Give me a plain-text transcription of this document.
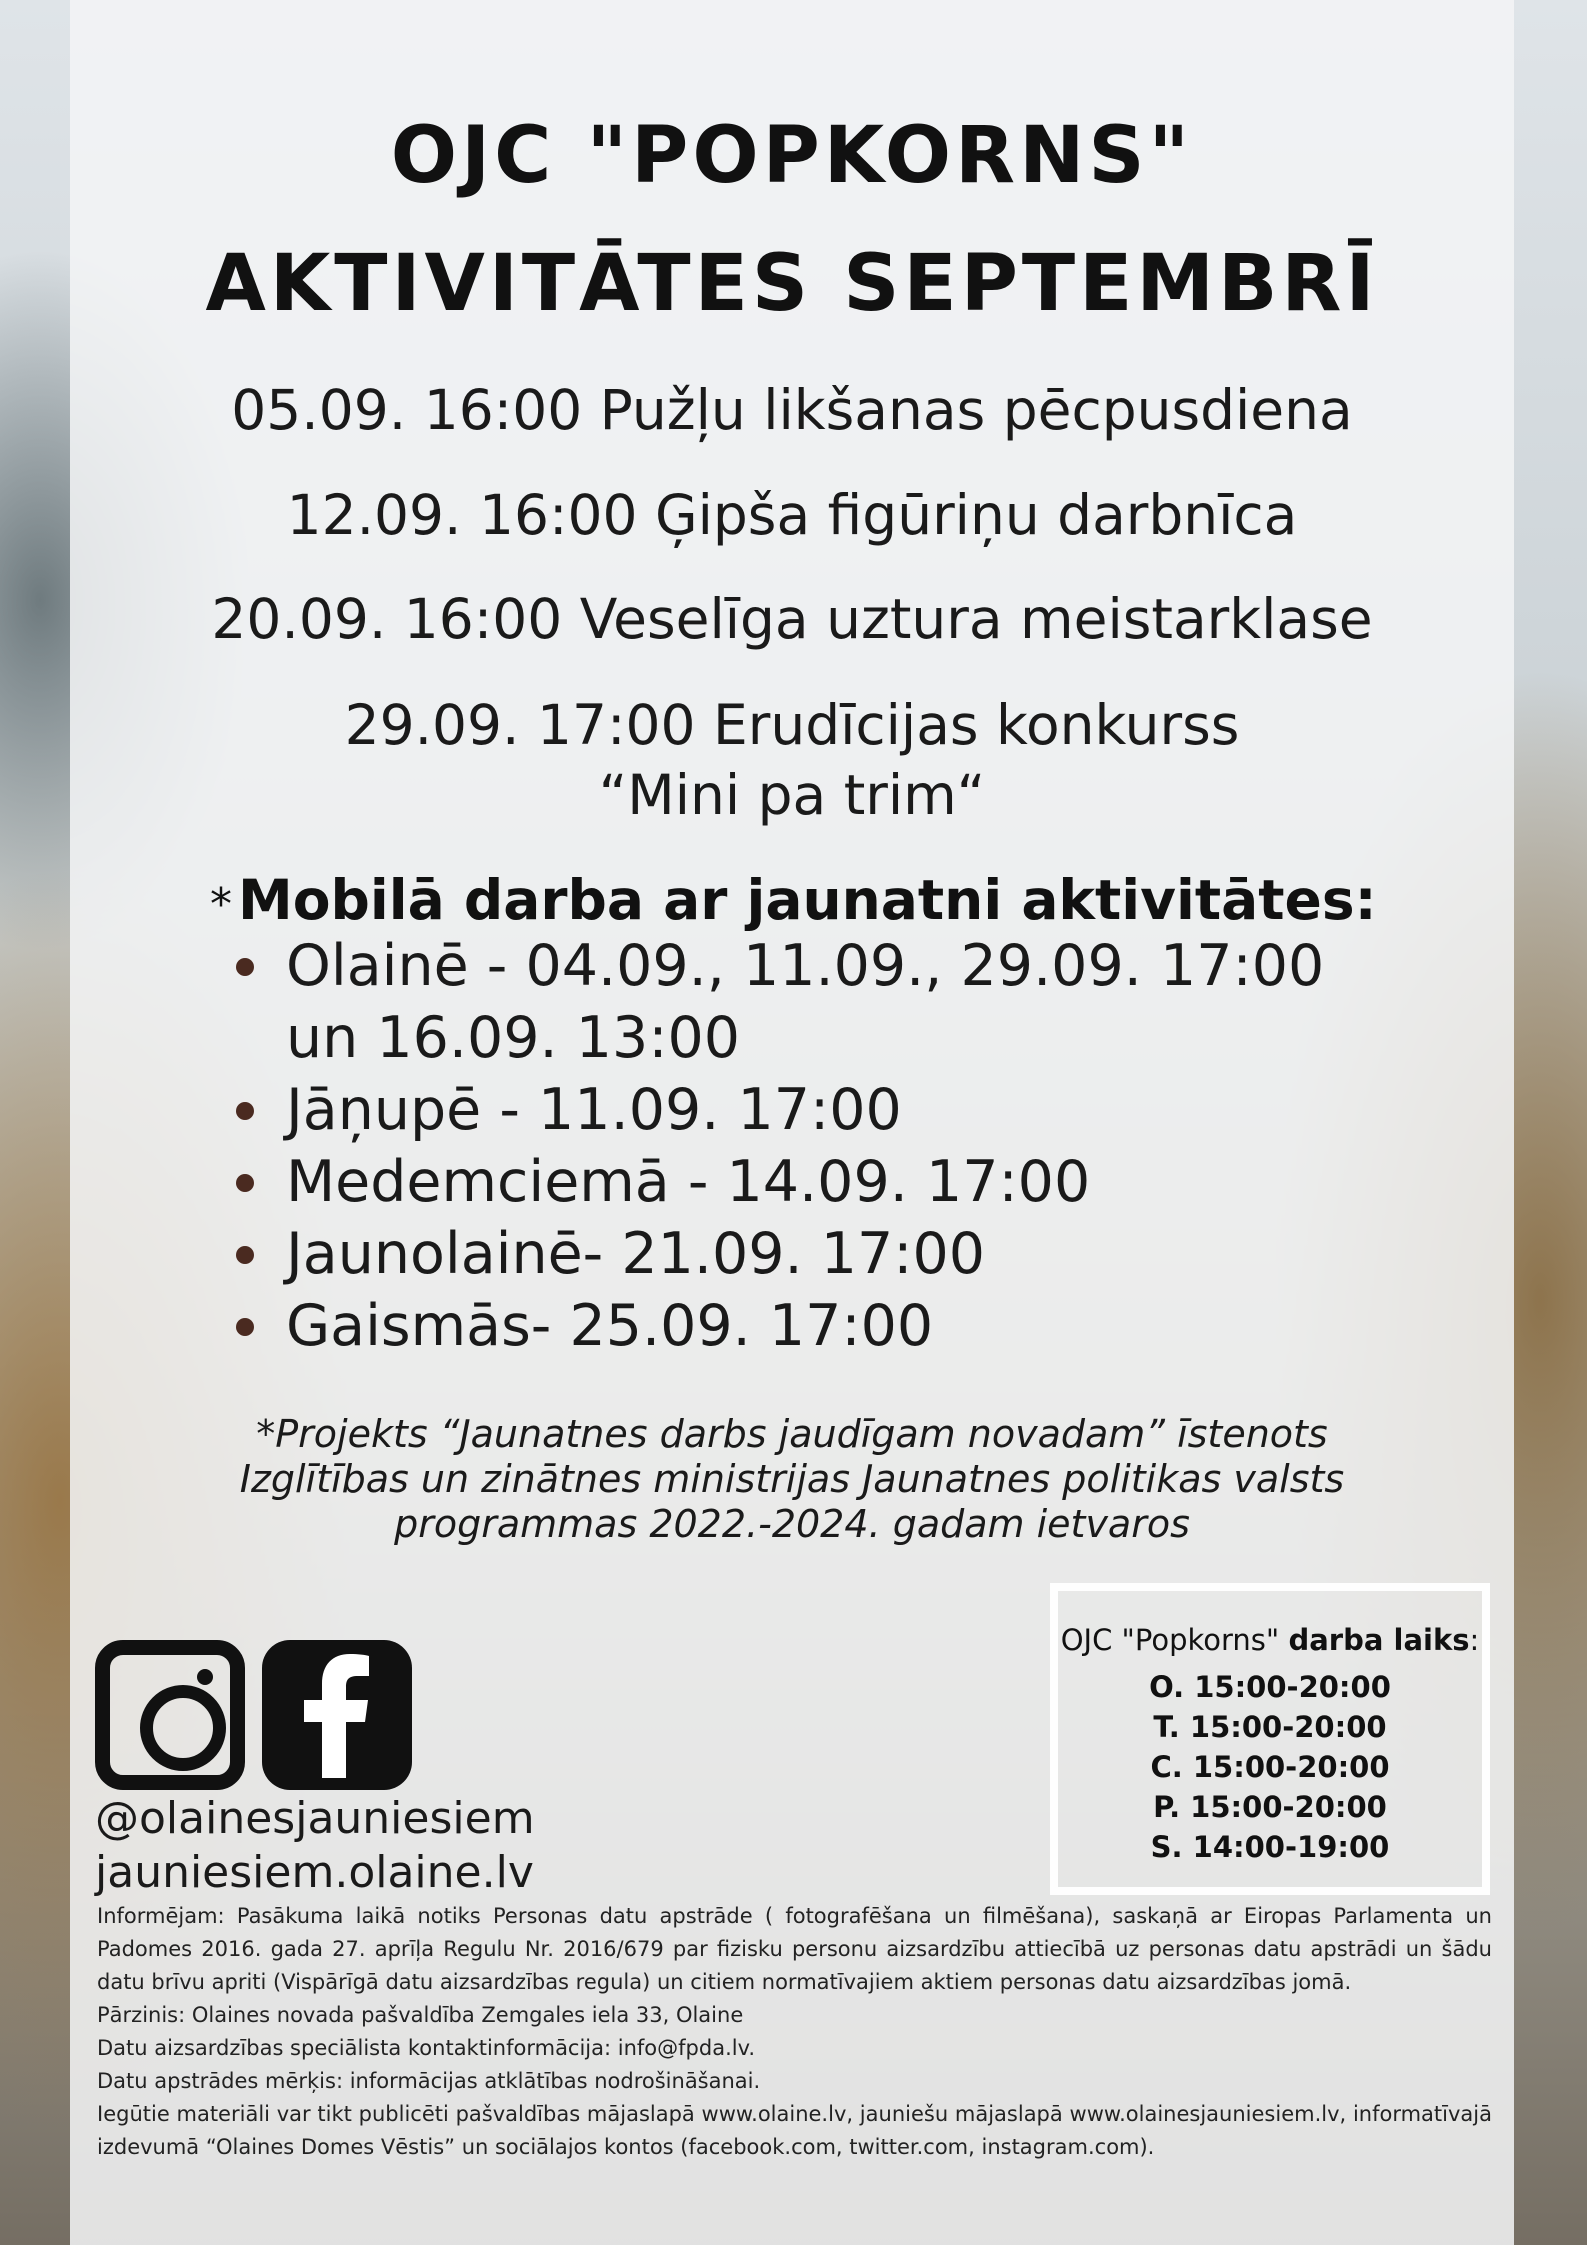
OJC "POPKORNS"
AKTIVITĀTES SEPTEMBRĪ
05.09. 16:00 Pužļu likšanas pēcpusdiena
12.09. 16:00 Ģipša figūriņu darbnīca
20.09. 16:00 Veselīga uztura meistarklase
29.09. 17:00 Erudīcijas konkurss
“Mini pa trim“
* Mobilā darba ar jaunatni aktivitātes:
Olainē - 04.09., 11.09., 29.09. 17:00
un 16.09. 13:00
Jāņupē - 11.09. 17:00
Medemciemā - 14.09. 17:00
Jaunolainē- 21.09. 17:00
Gaismās- 25.09. 17:00
*Projekts “Jaunatnes darbs jaudīgam novadam” īstenots
Izglītības un zinātnes ministrijas Jaunatnes politikas valsts
programmas 2022.-2024. gadam ietvaros
@olainesjauniesiem
jauniesiem.olaine.lv
OJC "Popkorns" darba laiks:
O. 15:00-20:00
T. 15:00-20:00
C. 15:00-20:00
P. 15:00-20:00
S. 14:00-19:00

Informējam: Pasākuma laikā notiks Personas datu apstrāde ( fotografēšana un filmēšana), saskaņā ar Eiropas Parlamenta un Padomes 2016. gada 27. aprīļa Regulu Nr. 2016/679 par fizisku personu aizsardzību attiecībā uz personas datu apstrādi un šādu datu brīvu apriti (Vispārīgā datu aizsardzības regula) un citiem normatīvajiem aktiem personas datu aizsardzības jomā.

Pārzinis: Olaines novada pašvaldība Zemgales iela 33, Olaine

Datu aizsardzības speciālista kontaktinformācija: info@fpda.lv.

Datu apstrādes mērķis: informācijas atklātības nodrošināšanai.

Iegūtie materiāli var tikt publicēti pašvaldības mājaslapā www.olaine.lv, jauniešu mājaslapā www.olainesjauniesiem.lv, informatīvajā izdevumā “Olaines Domes Vēstis” un sociālajos kontos (facebook.com, twitter.com, instagram.com).
